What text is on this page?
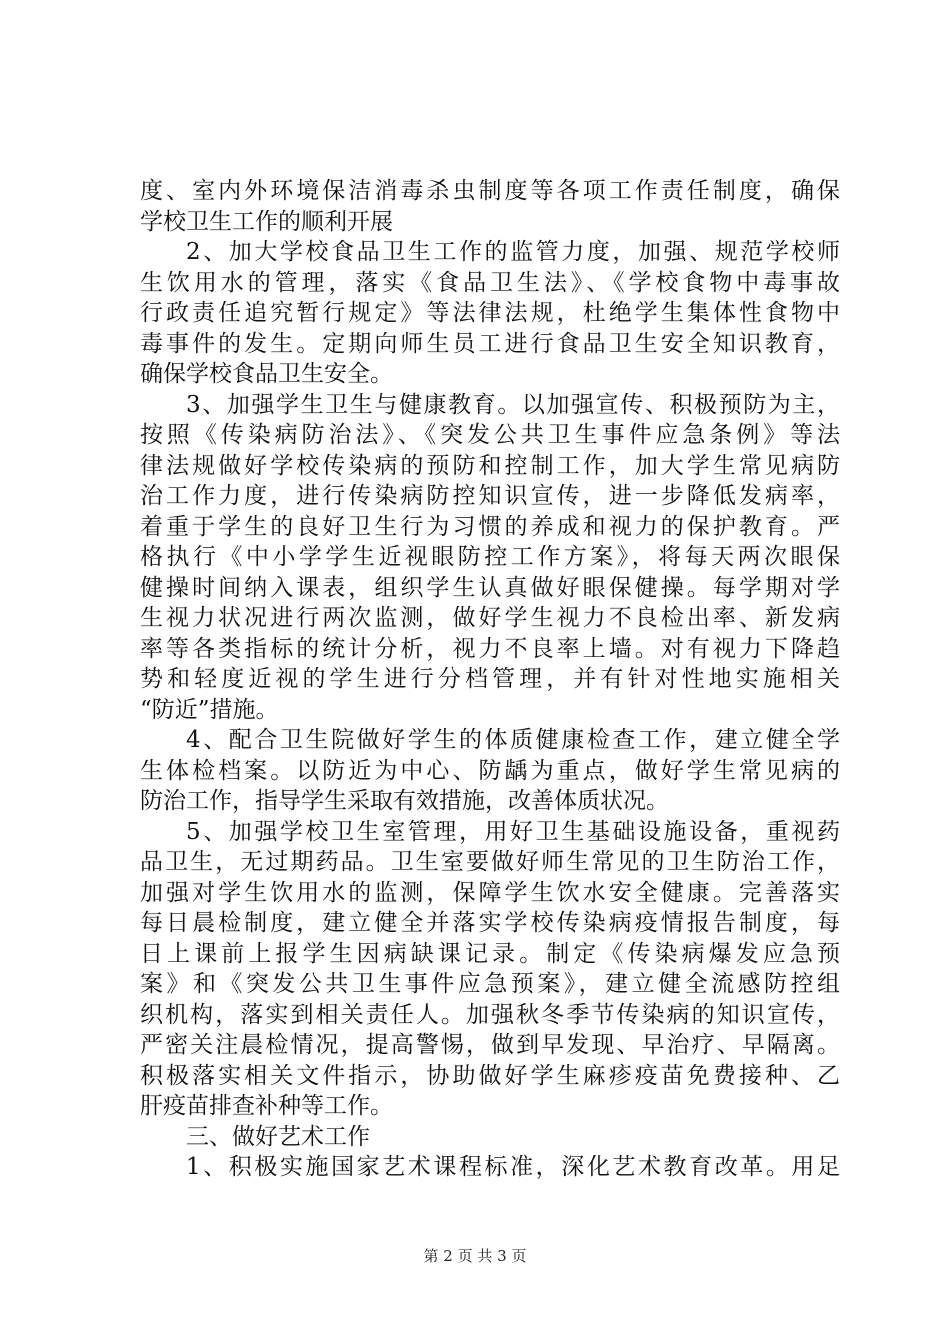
度、室内外环境保洁消毒杀虫制度等各项工作责任制度，确保
学校卫生工作的顺利开展
2、加大学校食品卫生工作的监管力度，加强、规范学校师
生饮用水的管理，落实《食品卫生法》、《学校食物中毒事故
行政责任追究暂行规定》等法律法规，杜绝学生集体性食物中
毒事件的发生。定期向师生员工进行食品卫生安全知识教育，
确保学校食品卫生安全。
3、加强学生卫生与健康教育。以加强宣传、积极预防为主，
按照《传染病防治法》、《突发公共卫生事件应急条例》等法
律法规做好学校传染病的预防和控制工作，加大学生常见病防
治工作力度，进行传染病防控知识宣传，进一步降低发病率，
着重于学生的良好卫生行为习惯的养成和视力的保护教育。严
格执行《中小学学生近视眼防控工作方案》，将每天两次眼保
健操时间纳入课表，组织学生认真做好眼保健操。每学期对学
生视力状况进行两次监测，做好学生视力不良检出率、新发病
率等各类指标的统计分析，视力不良率上墙。对有视力下降趋
势和轻度近视的学生进行分档管理，并有针对性地实施相关
“防近”措施。
4、配合卫生院做好学生的体质健康检查工作，建立健全学
生体检档案。以防近为中心、防龋为重点，做好学生常见病的
防治工作，指导学生采取有效措施，改善体质状况。
5、加强学校卫生室管理，用好卫生基础设施设备，重视药
品卫生，无过期药品。卫生室要做好师生常见的卫生防治工作，
加强对学生饮用水的监测，保障学生饮水安全健康。完善落实
每日晨检制度，建立健全并落实学校传染病疫情报告制度，每
日上课前上报学生因病缺课记录。制定《传染病爆发应急预
案》和《突发公共卫生事件应急预案》，建立健全流感防控组
织机构，落实到相关责任人。加强秋冬季节传染病的知识宣传，
严密关注晨检情况，提高警惕，做到早发现、早治疗、早隔离。
积极落实相关文件指示，协助做好学生麻疹疫苗免费接种、乙
肝疫苗排查补种等工作。
三、做好艺术工作
1、积极实施国家艺术课程标准，深化艺术教育改革。用足
第 2 页 共 3 页
